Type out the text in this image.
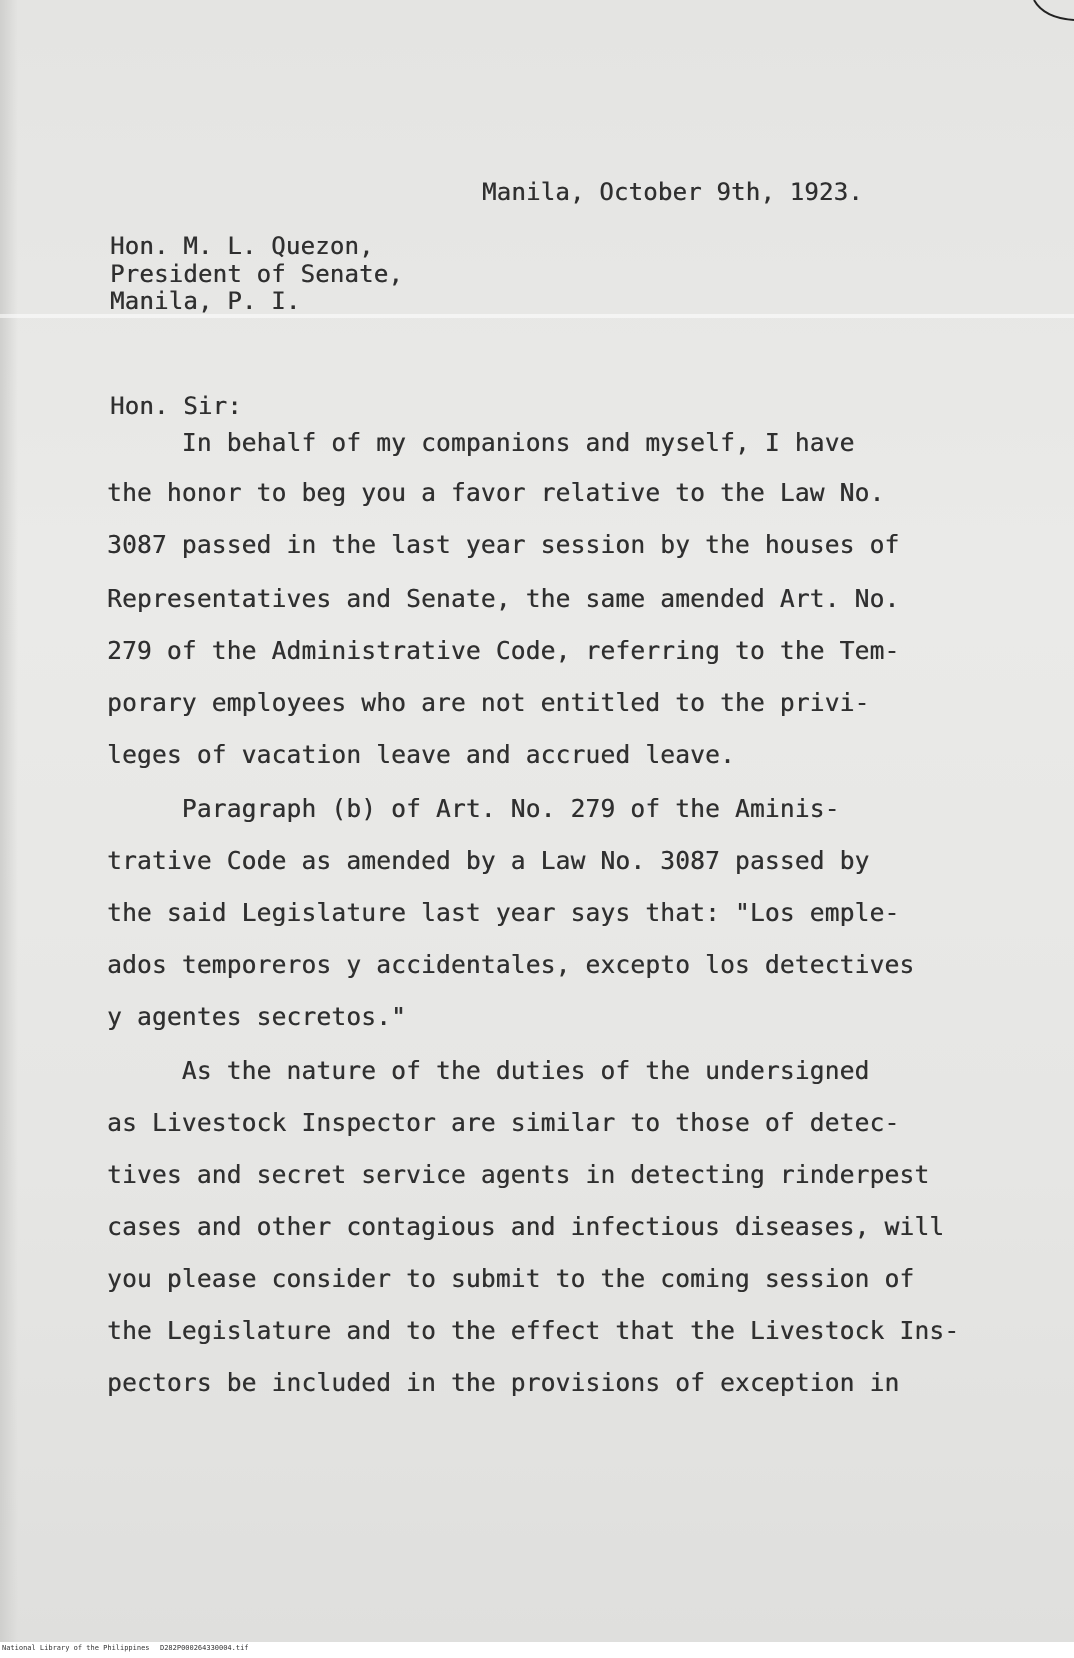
Manila, October 9th, 1923.
Hon. M. L. Quezon,
President of Senate,
Manila, P. I.
Hon. Sir:
In behalf of my companions and myself, I have
the honor to beg you a favor relative to the Law No.
3087 passed in the last year session by the houses of
Representatives and Senate, the same amended Art. No.
279 of the Administrative Code, referring to the Tem-
porary employees who are not entitled to the privi-
leges of vacation leave and accrued leave.
Paragraph (b) of Art. No. 279 of the Aminis-
trative Code as amended by a Law No. 3087 passed by
the said Legislature last year says that: "Los emple-
ados temporeros y accidentales, excepto los detectives
y agentes secretos."
As the nature of the duties of the undersigned
as Livestock Inspector are similar to those of detec-
tives and secret service agents in detecting rinderpest
cases and other contagious and infectious diseases, will
you please consider to submit to the coming session of
the Legislature and to the effect that the Livestock Ins-
pectors be included in the provisions of exception in
National Library of the Philippines D282P000264330004.tif
